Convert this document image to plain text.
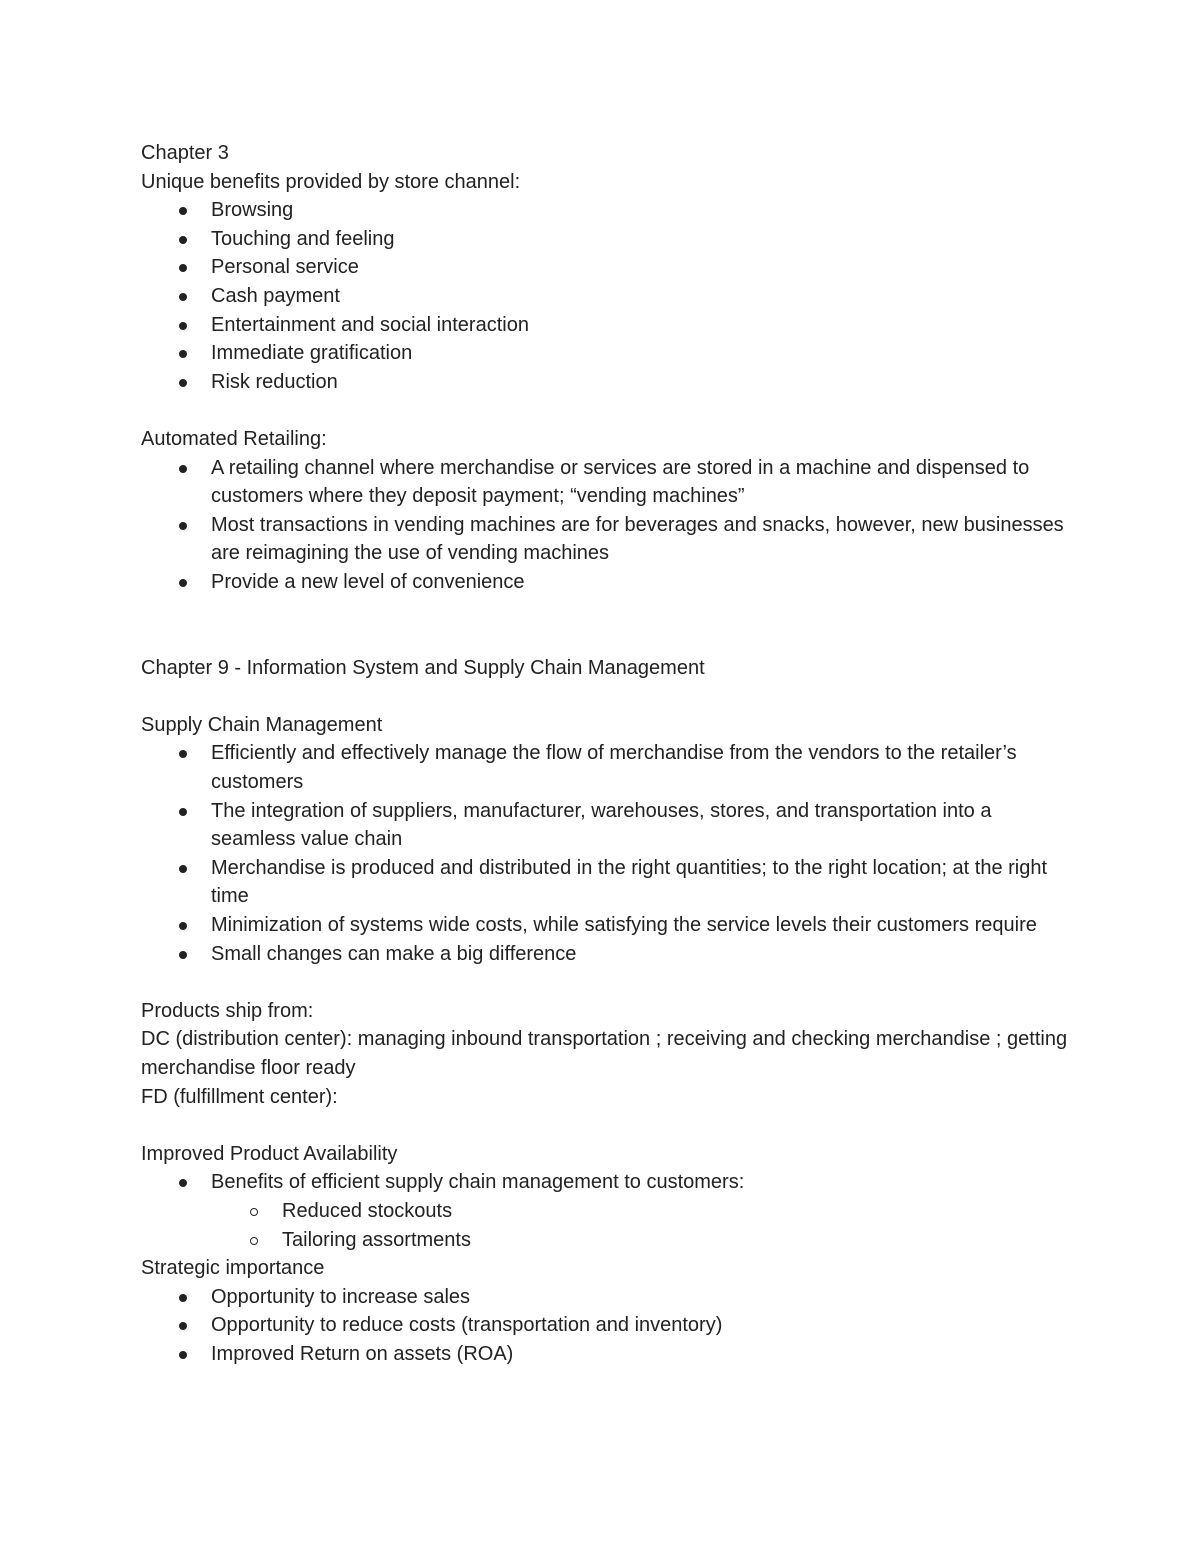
Chapter 3

Unique benefits provided by store channel:

Browsing
Touching and feeling
Personal service
Cash payment
Entertainment and social interaction
Immediate gratification
Risk reduction

Automated Retailing:

A retailing channel where merchandise or services are stored in a machine and dispensed to customers where they deposit payment; “vending machines”
Most transactions in vending machines are for beverages and snacks, however, new businesses are reimagining the use of vending machines
Provide a new level of convenience

Chapter 9 - Information System and Supply Chain Management

Supply Chain Management

Efficiently and effectively manage the flow of merchandise from the vendors to the retailer’s customers
The integration of suppliers, manufacturer, warehouses, stores, and transportation into a seamless value chain
Merchandise is produced and distributed in the right quantities; to the right location; at the right time
Minimization of systems wide costs, while satisfying the service levels their customers require
Small changes can make a big difference

Products ship from:

DC (distribution center): managing inbound transportation ; receiving and checking merchandise ; getting merchandise floor ready

FD (fulfillment center):

Improved Product Availability

Benefits of efficient supply chain management to customers:
Reduced stockouts
Tailoring assortments

Strategic importance

Opportunity to increase sales
Opportunity to reduce costs (transportation and inventory)
Improved Return on assets (ROA)
